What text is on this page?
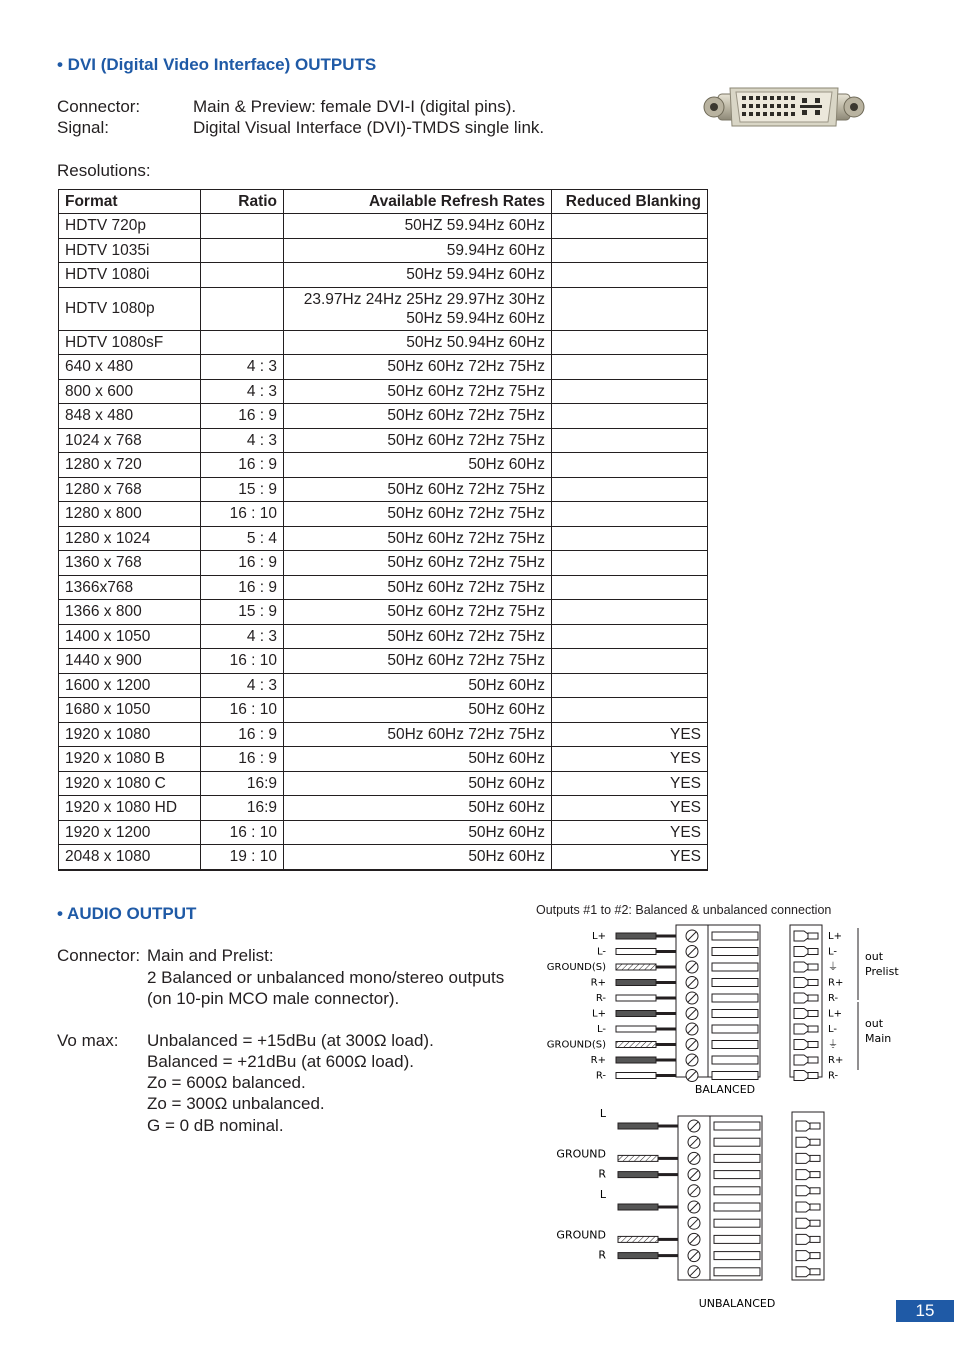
• DVI (Digital Video Interface) OUTPUTS
Connector:	Main & Preview: female DVI-I (digital pins).
Signal:	Digital Visual Interface (DVI)-TMDS single link.
Resolutions:
Format	Ratio	Available Refresh Rates	Reduced Blanking
HDTV 720p		50HZ 59.94Hz 60Hz	
HDTV 1035i		59.94Hz 60Hz	
HDTV 1080i		50Hz 59.94Hz 60Hz	
HDTV 1080p		23.97Hz 24Hz 25Hz 29.97Hz 30Hz
50Hz 59.94Hz 60Hz	

HDTV 1080sF		50Hz 50.94Hz 60Hz	
640 x 480	4 : 3	50Hz 60Hz 72Hz 75Hz	
800 x 600	4 : 3	50Hz 60Hz 72Hz 75Hz	
848 x 480	16 : 9	50Hz 60Hz 72Hz 75Hz	
1024 x 768	4 : 3	50Hz 60Hz 72Hz 75Hz	
1280 x 720	16 : 9	50Hz 60Hz	
1280 x 768	15 : 9	50Hz 60Hz 72Hz 75Hz	
1280 x 800	16 : 10	50Hz 60Hz 72Hz 75Hz	
1280 x 1024	5 : 4	50Hz 60Hz 72Hz 75Hz	
1360 x 768	16 : 9	50Hz 60Hz 72Hz 75Hz	
1366x768	16 : 9	50Hz 60Hz 72Hz 75Hz	
1366 x 800	15 : 9	50Hz 60Hz 72Hz 75Hz	
1400 x 1050	4 : 3	50Hz 60Hz 72Hz 75Hz	
1440 x 900	16 : 10	50Hz 60Hz 72Hz 75Hz	
1600 x 1200	4 : 3	50Hz 60Hz	
1680 x 1050	16 : 10	50Hz 60Hz	
1920 x 1080	16 : 9	50Hz 60Hz 72Hz 75Hz	YES
1920 x 1080 B	16 : 9	50Hz 60Hz	YES
1920 x 1080 C	16:9	50Hz 60Hz	YES
1920 x 1080 HD	16:9	50Hz 60Hz	YES
1920 x 1200	16 : 10	50Hz 60Hz	YES
2048 x 1080	19 : 10	50Hz 60Hz	YES
• AUDIO OUTPUT
Connector: Main and Prelist:
2 Balanced or unbalanced mono/stereo outputs
(on 10-pin MCO male connector).
Vo max: Unbalanced = +15dBu (at 300Ω load).
Balanced = +21dBu (at 600Ω load).
Zo = 600Ω balanced.
Zo = 300Ω unbalanced.
G = 0 dB nominal.
Outputs #1 to #2: Balanced & unbalanced connection
L+
L-
GROUND(S)
R+
R-
L+
L-
GROUND(S)
R+
R-
L+
L-
⏚
R+
R-
L+
L-
⏚
R+
R-
out
Prelist
out
Main
BALANCED
L
GROUND
R
L
GROUND
R
UNBALANCED	15
